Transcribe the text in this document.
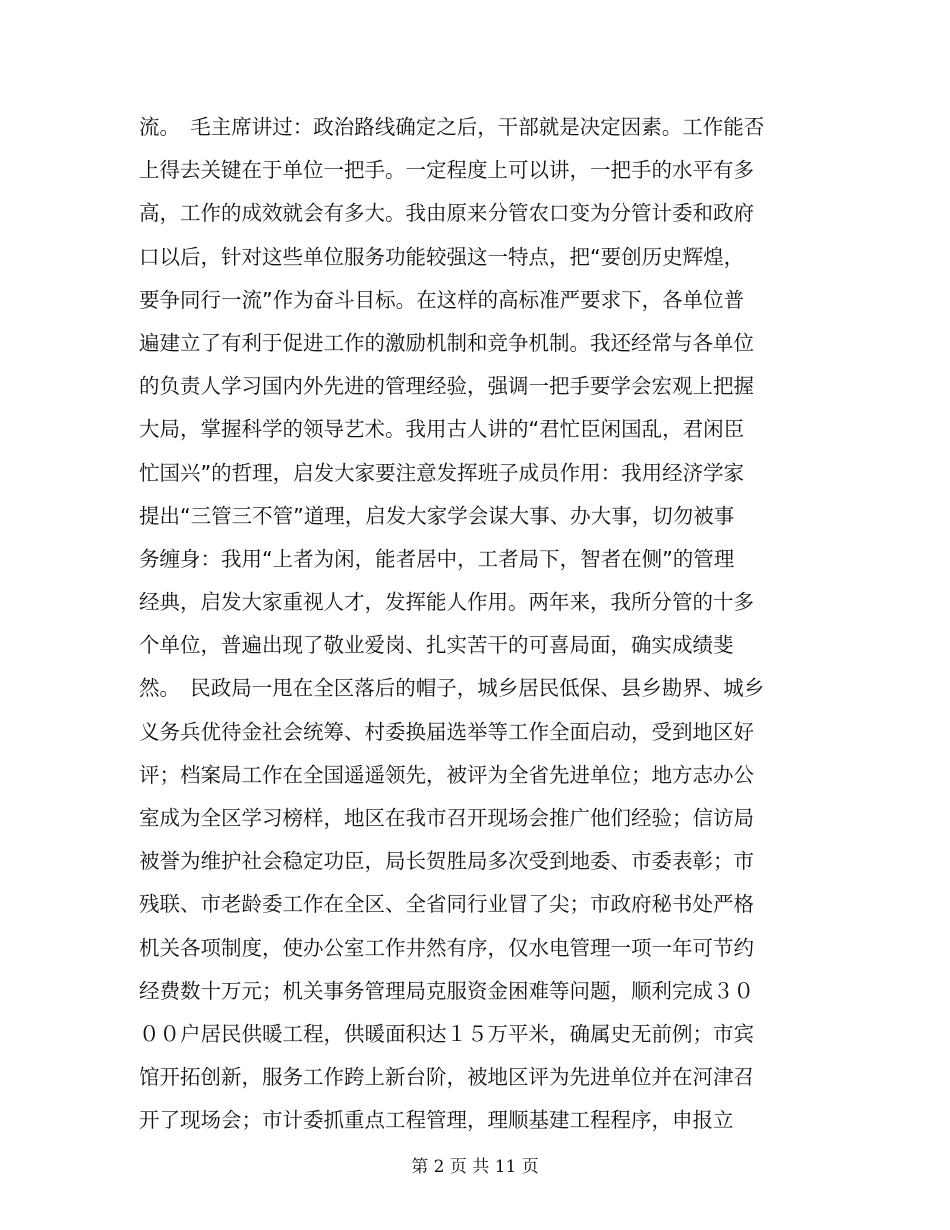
流。　毛主席讲过：政治路线确定之后，干部就是决定因素。工作能否
上得去关键在于单位一把手。一定程度上可以讲，一把手的水平有多
高，工作的成效就会有多大。我由原来分管农口变为分管计委和政府
口以后，针对这些单位服务功能较强这一特点，把“要创历史辉煌，
要争同行一流”作为奋斗目标。在这样的高标准严要求下，各单位普
遍建立了有利于促进工作的激励机制和竞争机制。我还经常与各单位
的负责人学习国内外先进的管理经验，强调一把手要学会宏观上把握
大局，掌握科学的领导艺术。我用古人讲的“君忙臣闲国乱，君闲臣
忙国兴”的哲理，启发大家要注意发挥班子成员作用：我用经济学家
提出“三管三不管”道理，启发大家学会谋大事、办大事，切勿被事
务缠身：我用“上者为闲，能者居中，工者局下，智者在侧”的管理
经典，启发大家重视人才，发挥能人作用。两年来，我所分管的十多
个单位，普遍出现了敬业爱岗、扎实苦干的可喜局面，确实成绩斐
然。　民政局一甩在全区落后的帽子，城乡居民低保、县乡勘界、城乡
义务兵优待金社会统筹、村委换届选举等工作全面启动，受到地区好
评；档案局工作在全国遥遥领先，被评为全省先进单位；地方志办公
室成为全区学习榜样，地区在我市召开现场会推广他们经验；信访局
被誉为维护社会稳定功臣，局长贺胜局多次受到地委、市委表彰；市
残联、市老龄委工作在全区、全省同行业冒了尖；市政府秘书处严格
机关各项制度，使办公室工作井然有序，仅水电管理一项一年可节约
经费数十万元；机关事务管理局克服资金困难等问题，顺利完成３０
００户居民供暖工程，供暖面积达１５万平米，确属史无前例；市宾
馆开拓创新，服务工作跨上新台阶，被地区评为先进单位并在河津召
开了现场会；市计委抓重点工程管理，理顺基建工程程序，申报立
第 2 页 共 11 页
